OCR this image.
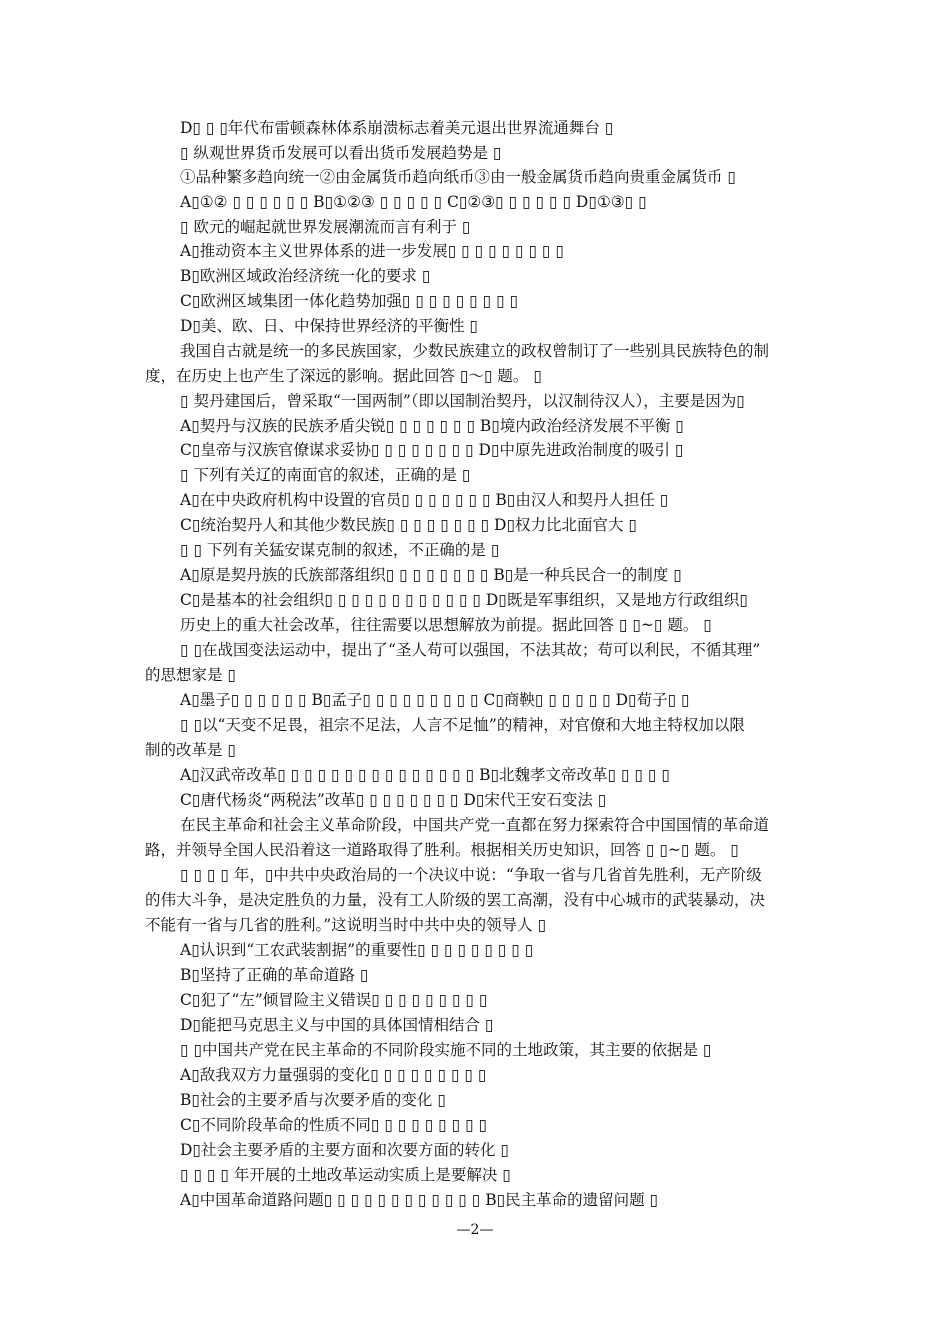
D▯ ▯ ▯年代布雷顿森林体系崩溃标志着美元退出世界流通舞台 ▯
▯ 纵观世界货币发展可以看出货币发展趋势是 ▯
①品种繁多趋向统一②由金属货币趋向纸币③由一般金属货币趋向贵重金属货币 ▯
A▯①② ▯ ▯ ▯ ▯ ▯ ▯ B▯①②③ ▯ ▯ ▯ ▯ ▯ C▯②③▯ ▯ ▯ ▯ ▯ ▯ D▯①③▯ ▯
▯ 欧元的崛起就世界发展潮流而言有利于 ▯
A▯推动资本主义世界体系的进一步发展▯ ▯ ▯ ▯ ▯ ▯ ▯ ▯ ▯
B▯欧洲区域政治经济统一化的要求 ▯
C▯欧洲区域集团一体化趋势加强▯ ▯ ▯ ▯ ▯ ▯ ▯ ▯ ▯
D▯美、欧、日、中保持世界经济的平衡性 ▯
我国自古就是统一的多民族国家，少数民族建立的政权曾制订了一些别具民族特色的制
度，在历史上也产生了深远的影响。据此回答 ▯～▯ 题。 ▯
▯ 契丹建国后，曾采取“一国两制”（即以国制治契丹，以汉制待汉人），主要是因为▯
A▯契丹与汉族的民族矛盾尖锐▯ ▯ ▯ ▯ ▯ ▯ ▯ B▯境内政治经济发展不平衡 ▯
C▯皇帝与汉族官僚谋求妥协▯ ▯ ▯ ▯ ▯ ▯ ▯ ▯ D▯中原先进政治制度的吸引 ▯
▯ 下列有关辽的南面官的叙述，正确的是 ▯
A▯在中央政府机构中设置的官员▯ ▯ ▯ ▯ ▯ ▯ ▯ B▯由汉人和契丹人担任 ▯
C▯统治契丹人和其他少数民族▯ ▯ ▯ ▯ ▯ ▯ ▯ ▯ D▯权力比北面官大 ▯
▯ ▯ 下列有关猛安谋克制的叙述，不正确的是 ▯
A▯原是契丹族的氏族部落组织▯ ▯ ▯ ▯ ▯ ▯ ▯ ▯ B▯是一种兵民合一的制度 ▯
C▯是基本的社会组织▯ ▯ ▯ ▯ ▯ ▯ ▯ ▯ ▯ ▯ ▯ ▯ D▯既是军事组织，又是地方行政组织▯
历史上的重大社会改革，往往需要以思想解放为前提。据此回答 ▯ ▯~▯ 题。 ▯
▯ ▯在战国变法运动中，提出了“圣人苟可以强国，不法其故；苟可以利民，不循其理”
的思想家是 ▯
A▯墨子▯ ▯ ▯ ▯ ▯ ▯ B▯孟子▯ ▯ ▯ ▯ ▯ ▯ ▯ ▯ ▯ C▯商鞅▯ ▯ ▯ ▯ ▯ ▯ D▯荀子▯ ▯
▯ ▯以“天变不足畏，祖宗不足法，人言不足恤”的精神，对官僚和大地主特权加以限
制的改革是 ▯
A▯汉武帝改革▯ ▯ ▯ ▯ ▯ ▯ ▯ ▯ ▯ ▯ ▯ ▯ ▯ ▯ ▯ B▯北魏孝文帝改革▯ ▯ ▯ ▯ ▯
C▯唐代杨炎“两税法”改革▯ ▯ ▯ ▯ ▯ ▯ ▯ ▯ D▯宋代王安石变法 ▯
在民主革命和社会主义革命阶段，中国共产党一直都在努力探索符合中国国情的革命道
路，并领导全国人民沿着这一道路取得了胜利。根据相关历史知识，回答 ▯ ▯~▯ 题。 ▯
▯ ▯ ▯ ▯ 年，▯中共中央政治局的一个决议中说：“争取一省与几省首先胜利，无产阶级
的伟大斗争，是决定胜负的力量，没有工人阶级的罢工高潮，没有中心城市的武装暴动，决
不能有一省与几省的胜利。”这说明当时中共中央的领导人 ▯
A▯认识到“工农武装割据”的重要性▯ ▯ ▯ ▯ ▯ ▯ ▯ ▯ ▯
B▯坚持了正确的革命道路 ▯
C▯犯了“左”倾冒险主义错误▯ ▯ ▯ ▯ ▯ ▯ ▯ ▯ ▯
D▯能把马克思主义与中国的具体国情相结合 ▯
▯ ▯中国共产党在民主革命的不同阶段实施不同的土地政策，其主要的依据是 ▯
A▯敌我双方力量强弱的变化▯ ▯ ▯ ▯ ▯ ▯ ▯ ▯ ▯
B▯社会的主要矛盾与次要矛盾的变化 ▯
C▯不同阶段革命的性质不同▯ ▯ ▯ ▯ ▯ ▯ ▯ ▯ ▯
D▯社会主要矛盾的主要方面和次要方面的转化 ▯
▯ ▯ ▯ ▯ 年开展的土地改革运动实质上是要解决 ▯
A▯中国革命道路问题▯ ▯ ▯ ▯ ▯ ▯ ▯ ▯ ▯ ▯ ▯ ▯ B▯民主革命的遗留问题 ▯
—2—
